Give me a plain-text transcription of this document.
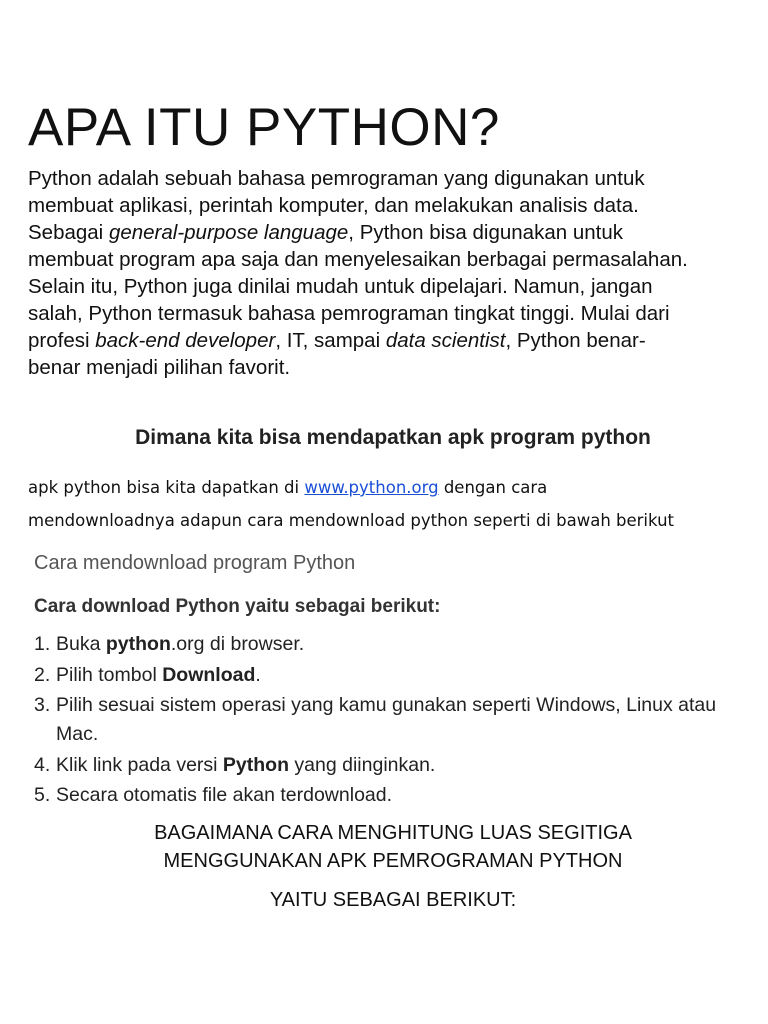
APA ITU PYTHON?

Python adalah sebuah bahasa pemrograman yang digunakan untuk
membuat aplikasi, perintah komputer, dan melakukan analisis data.
Sebagai general-purpose language, Python bisa digunakan untuk
membuat program apa saja dan menyelesaikan berbagai permasalahan.
Selain itu, Python juga dinilai mudah untuk dipelajari. Namun, jangan
salah, Python termasuk bahasa pemrograman tingkat tinggi. Mulai dari
profesi back-end developer, IT, sampai data scientist, Python benar-
benar menjadi pilihan favorit.

Dimana kita bisa mendapatkan apk program python

apk python bisa kita dapatkan di www.python.org dengan cara
mendownloadnya adapun cara mendownload python seperti di bawah berikut

Cara mendownload program Python

Cara download Python yaitu sebagai berikut:

1. Buka python.org di browser.
2. Pilih tombol Download.
3. Pilih sesuai sistem operasi yang kamu gunakan seperti Windows, Linux atau Mac.
4. Klik link pada versi Python yang diinginkan.
5. Secara otomatis file akan terdownload.

BAGAIMANA CARA MENGHITUNG LUAS SEGITIGA
MENGGUNAKAN APK PEMROGRAMAN PYTHON

YAITU SEBAGAI BERIKUT:
